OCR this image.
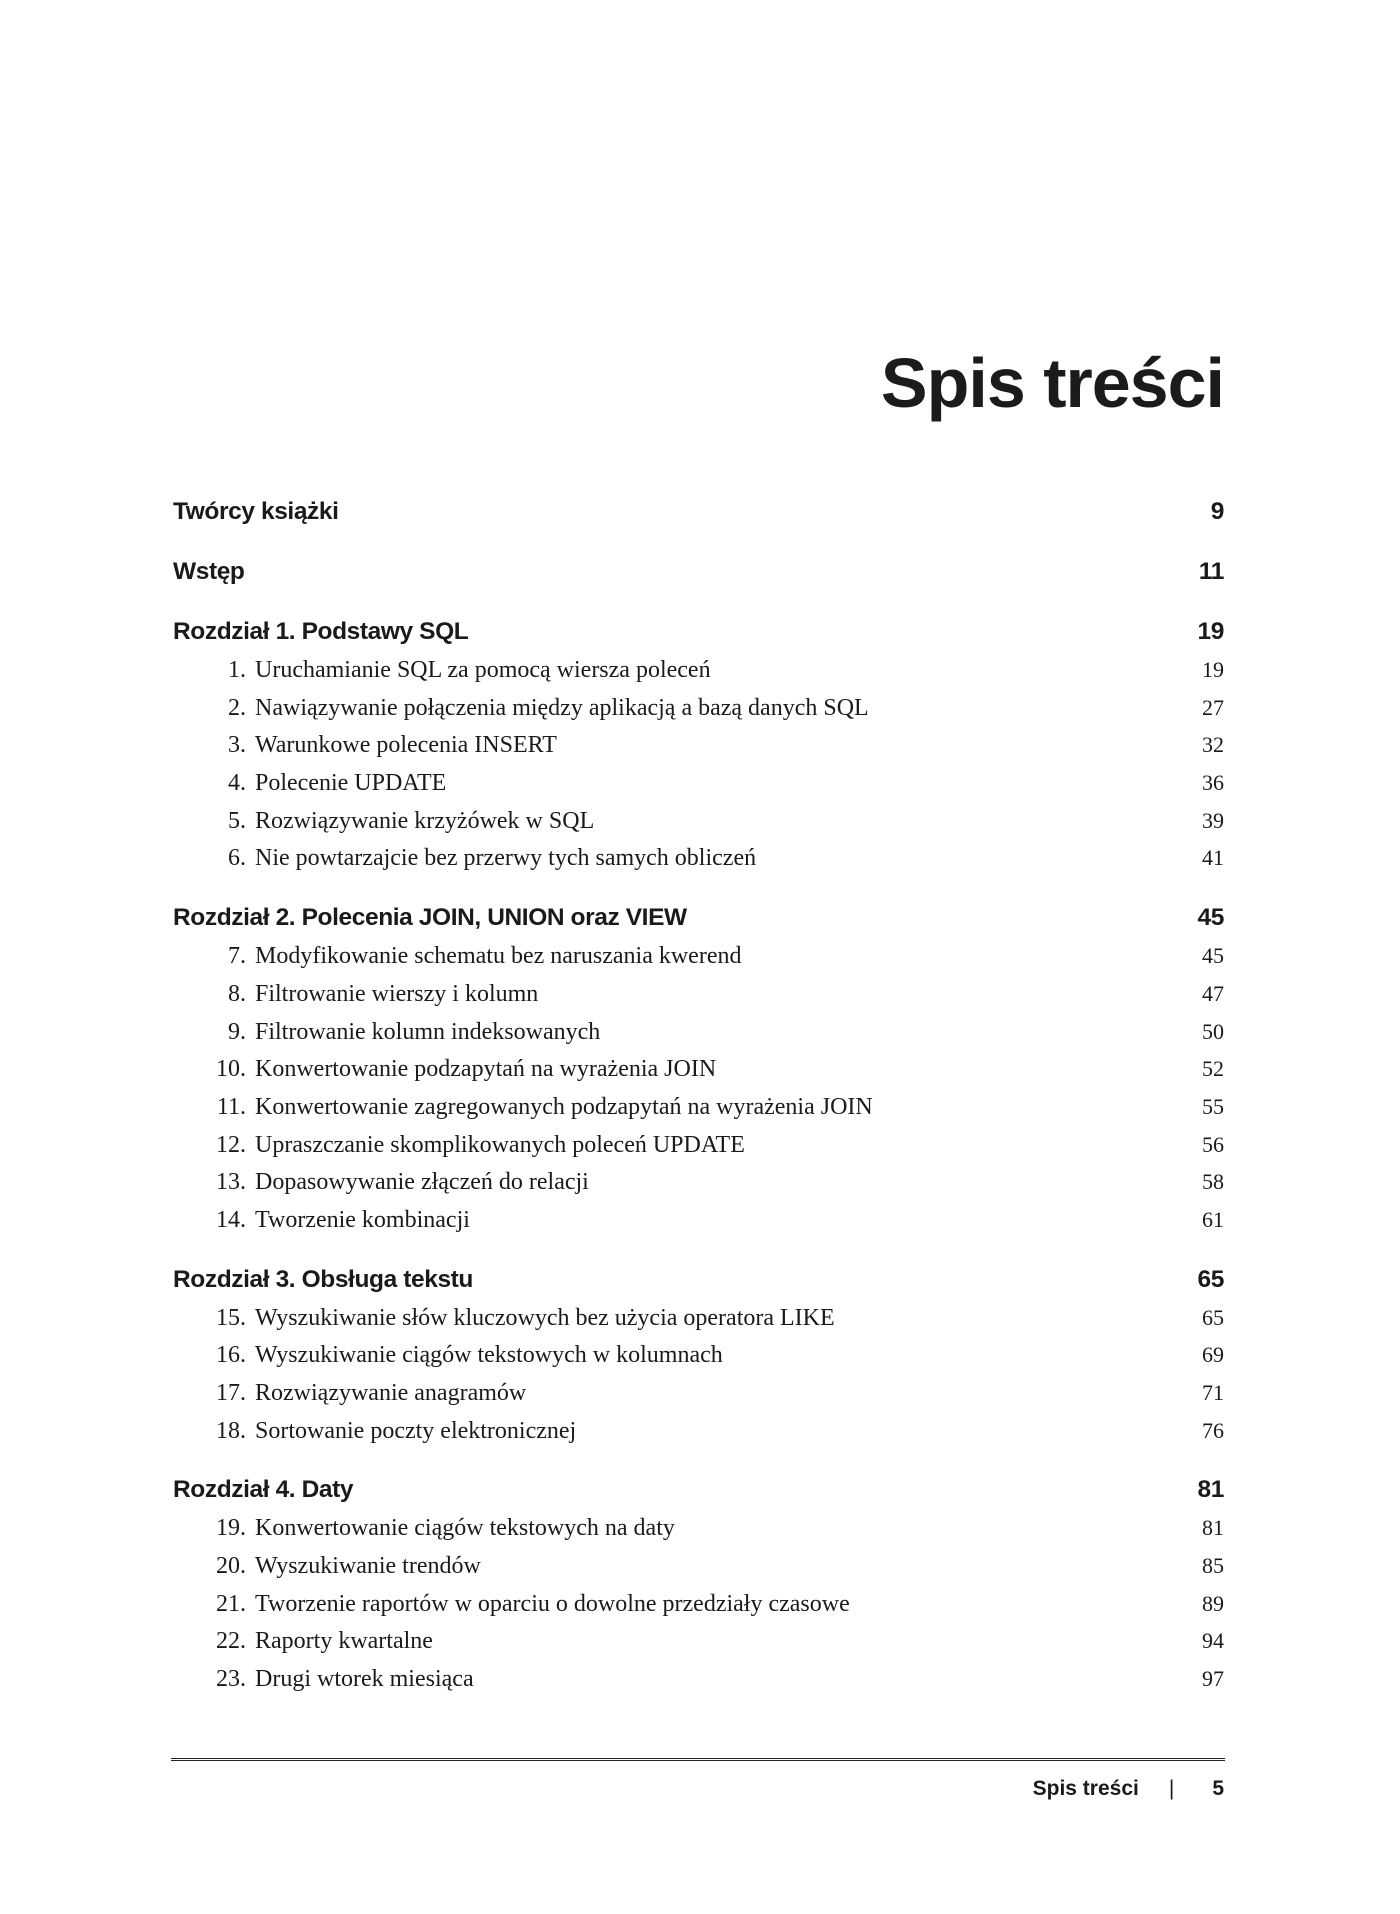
Spis treści
Twórcy książki . . .	9
Wstęp . . .	11
Rozdział 1. Podstawy SQL . . .	19
1. Uruchamianie SQL za pomocą wiersza poleceń . . .	19
2. Nawiązywanie połączenia między aplikacją a bazą danych SQL . . .	27
3. Warunkowe polecenia INSERT . . .	32
4. Polecenie UPDATE . . .	36
5. Rozwiązywanie krzyżówek w SQL . . .	39
6. Nie powtarzajcie bez przerwy tych samych obliczeń . . .	41
Rozdział 2. Polecenia JOIN, UNION oraz VIEW . . .	45
7. Modyfikowanie schematu bez naruszania kwerend . . .	45
8. Filtrowanie wierszy i kolumn . . .	47
9. Filtrowanie kolumn indeksowanych . . .	50
10. Konwertowanie podzapytań na wyrażenia JOIN . . .	52
11. Konwertowanie zagregowanych podzapytań na wyrażenia JOIN . . .	55
12. Upraszczanie skomplikowanych poleceń UPDATE . . .	56
13. Dopasowywanie złączeń do relacji . . .	58
14. Tworzenie kombinacji . . .	61
Rozdział 3. Obsługa tekstu . . .	65
15. Wyszukiwanie słów kluczowych bez użycia operatora LIKE . . .	65
16. Wyszukiwanie ciągów tekstowych w kolumnach . . .	69
17. Rozwiązywanie anagramów . . .	71
18. Sortowanie poczty elektronicznej . . .	76
Rozdział 4. Daty . . .	81
19. Konwertowanie ciągów tekstowych na daty . . .	81
20. Wyszukiwanie trendów . . .	85
21. Tworzenie raportów w oparciu o dowolne przedziały czasowe . . .	89
22. Raporty kwartalne . . .	94
23. Drugi wtorek miesiąca . . .	97
Spis treści | 5
